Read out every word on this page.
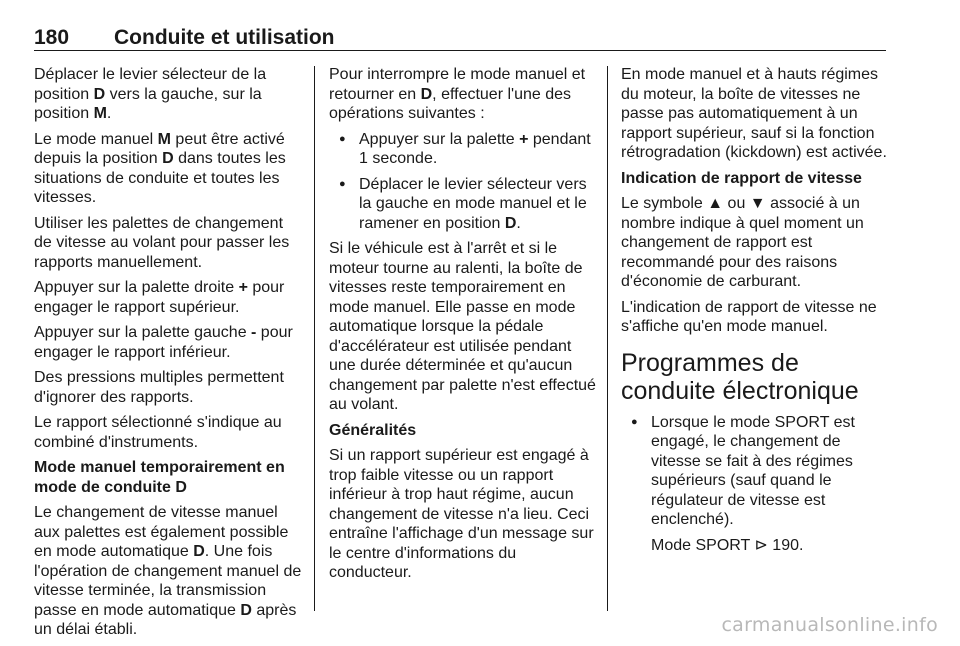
180 Conduite et utilisation

Déplacer le levier sélecteur de la position D vers la gauche, sur la position M.

Le mode manuel M peut être activé depuis la position D dans toutes les situations de conduite et toutes les vitesses.

Utiliser les palettes de changement de vitesse au volant pour passer les rapports manuellement.

Appuyer sur la palette droite + pour engager le rapport supérieur.

Appuyer sur la palette gauche - pour engager le rapport inférieur.

Des pressions multiples permettent d'ignorer des rapports.

Le rapport sélectionné s'indique au combiné d'instruments.

Mode manuel temporairement en mode de conduite D

Le changement de vitesse manuel aux palettes est également possible en mode automatique D. Une fois l'opération de changement manuel de vitesse terminée, la transmission passe en mode automatique D après un délai établi.

Pour interrompre le mode manuel et retourner en D, effectuer l'une des opérations suivantes :

● Appuyer sur la palette + pendant 1 seconde.
● Déplacer le levier sélecteur vers la gauche en mode manuel et le ramener en position D.

Si le véhicule est à l'arrêt et si le moteur tourne au ralenti, la boîte de vitesses reste temporairement en mode manuel. Elle passe en mode automatique lorsque la pédale d'accélérateur est utilisée pendant une durée déterminée et qu'aucun changement par palette n'est effectué au volant.

Généralités

Si un rapport supérieur est engagé à trop faible vitesse ou un rapport inférieur à trop haut régime, aucun changement de vitesse n'a lieu. Ceci entraîne l'affichage d'un message sur le centre d'informations du conducteur.

En mode manuel et à hauts régimes du moteur, la boîte de vitesses ne passe pas automatiquement à un rapport supérieur, sauf si la fonction rétrogradation (kickdown) est activée.

Indication de rapport de vitesse

Le symbole ▲ ou ▼ associé à un nombre indique à quel moment un changement de rapport est recommandé pour des raisons d'économie de carburant.

L'indication de rapport de vitesse ne s'affiche qu'en mode manuel.

Programmes de conduite électronique
● Lorsque le mode SPORT est engagé, le changement de vitesse se fait à des régimes supérieurs (sauf quand le régulateur de vitesse est enclenché).

Mode SPORT ⊳ 190.

carmanualsonline.info
